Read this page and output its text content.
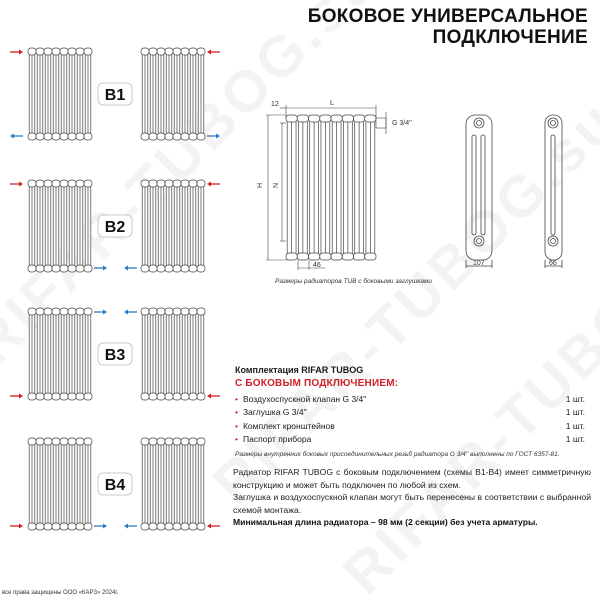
БОКОВОЕ УНИВЕРСАЛЬНОЕ
ПОДКЛЮЧЕНИЕ
B1
B2
B3
B4
12	L
G 3/4''
H N
46	107	66
Размеры радиаторов TUB с боковыми заглушками
Комплектация RIFAR TUBOG
С БОКОВЫМ ПОДКЛЮЧЕНИЕМ:
• Воздухоспускной клапан G 3/4''	1 шт.
• Заглушка G 3/4''	1 шт.
• Комплект кронштейнов	1 шт.
• Паспорт прибора	1 шт.
Размеры внутренних боковых присоединительных резьб радиатора G 3/4'' выполнены по ГОСТ 6357-81.

Радиатор RIFAR TUBOG с боковым подключением (схемы B1-B4) имеет симметричную конструкцию и может быть подключен по любой из схем.

Заглушка и воздухоспускной клапан могут быть перенесены в соответствии с выбранной схемой монтажа.

Минимальная длина радиатора – 98 мм (2 секции) без учета арматуры.

все права защищены ООО «КАРЗ» 2024г.
